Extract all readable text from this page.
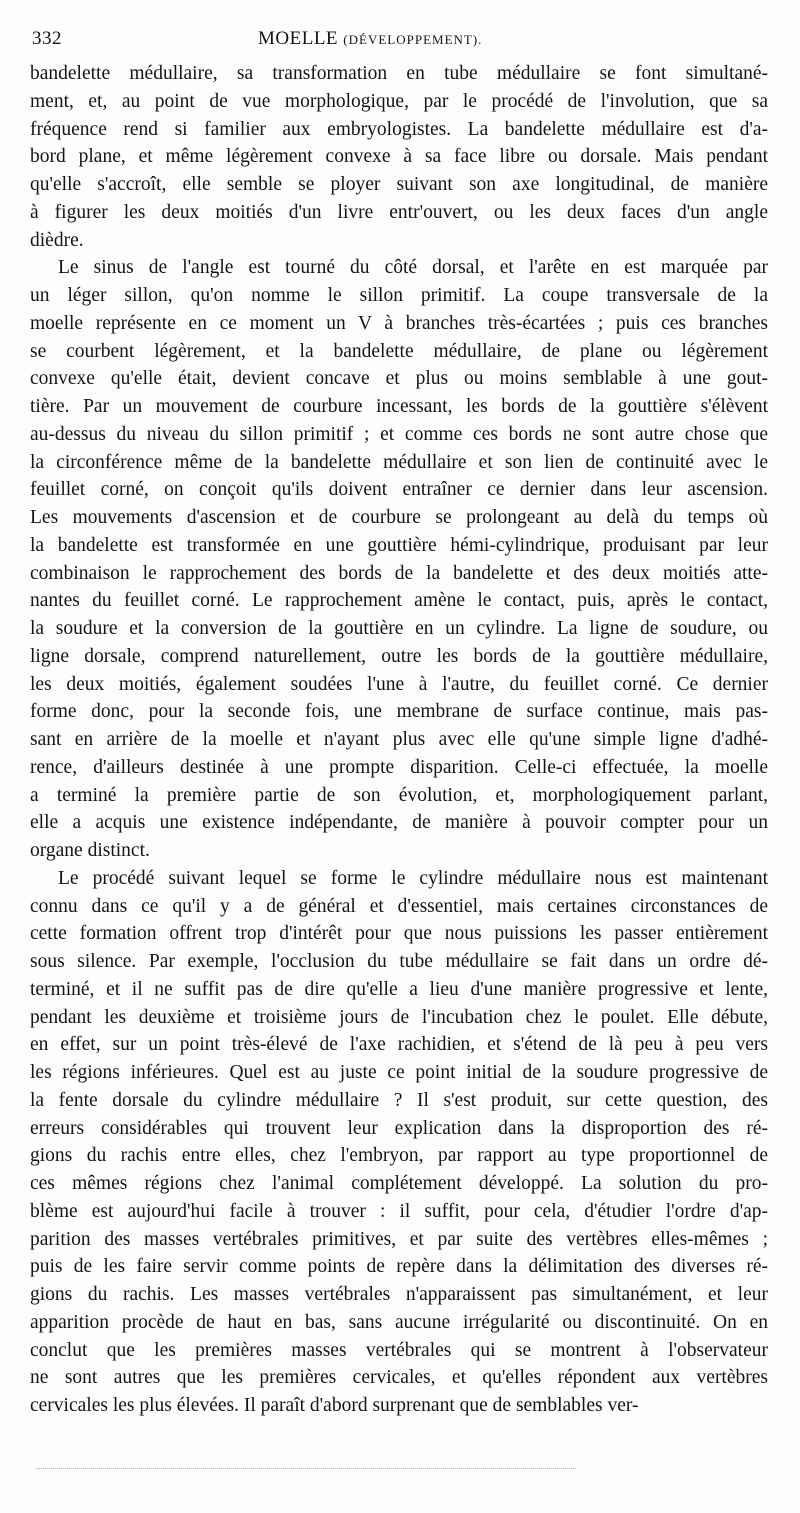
332	MOELLE (DÉVELOPPEMENT).
bandelette médullaire, sa transformation en tube médullaire se font simultané-
ment, et, au point de vue morphologique, par le procédé de l'involution, que sa
fréquence rend si familier aux embryologistes. La bandelette médullaire est d'a-
bord plane, et même légèrement convexe à sa face libre ou dorsale. Mais pendant
qu'elle s'accroît, elle semble se ployer suivant son axe longitudinal, de manière
à figurer les deux moitiés d'un livre entr'ouvert, ou les deux faces d'un angle
dièdre.
Le sinus de l'angle est tourné du côté dorsal, et l'arête en est marquée par
un léger sillon, qu'on nomme le sillon primitif. La coupe transversale de la
moelle représente en ce moment un V à branches très-écartées ; puis ces branches
se courbent légèrement, et la bandelette médullaire, de plane ou légèrement
convexe qu'elle était, devient concave et plus ou moins semblable à une gout-
tière. Par un mouvement de courbure incessant, les bords de la gouttière s'élèvent
au-dessus du niveau du sillon primitif ; et comme ces bords ne sont autre chose que
la circonférence même de la bandelette médullaire et son lien de continuité avec le
feuillet corné, on conçoit qu'ils doivent entraîner ce dernier dans leur ascension.
Les mouvements d'ascension et de courbure se prolongeant au delà du temps où
la bandelette est transformée en une gouttière hémi-cylindrique, produisant par leur
combinaison le rapprochement des bords de la bandelette et des deux moitiés atte-
nantes du feuillet corné. Le rapprochement amène le contact, puis, après le contact,
la soudure et la conversion de la gouttière en un cylindre. La ligne de soudure, ou
ligne dorsale, comprend naturellement, outre les bords de la gouttière médullaire,
les deux moitiés, également soudées l'une à l'autre, du feuillet corné. Ce dernier
forme donc, pour la seconde fois, une membrane de surface continue, mais pas-
sant en arrière de la moelle et n'ayant plus avec elle qu'une simple ligne d'adhé-
rence, d'ailleurs destinée à une prompte disparition. Celle-ci effectuée, la moelle
a terminé la première partie de son évolution, et, morphologiquement parlant,
elle a acquis une existence indépendante, de manière à pouvoir compter pour un
organe distinct.
Le procédé suivant lequel se forme le cylindre médullaire nous est maintenant
connu dans ce qu'il y a de général et d'essentiel, mais certaines circonstances de
cette formation offrent trop d'intérêt pour que nous puissions les passer entièrement
sous silence. Par exemple, l'occlusion du tube médullaire se fait dans un ordre dé-
terminé, et il ne suffit pas de dire qu'elle a lieu d'une manière progressive et lente,
pendant les deuxième et troisième jours de l'incubation chez le poulet. Elle débute,
en effet, sur un point très-élevé de l'axe rachidien, et s'étend de là peu à peu vers
les régions inférieures. Quel est au juste ce point initial de la soudure progressive de
la fente dorsale du cylindre médullaire ? Il s'est produit, sur cette question, des
erreurs considérables qui trouvent leur explication dans la disproportion des ré-
gions du rachis entre elles, chez l'embryon, par rapport au type proportionnel de
ces mêmes régions chez l'animal complétement développé. La solution du pro-
blème est aujourd'hui facile à trouver : il suffit, pour cela, d'étudier l'ordre d'ap-
parition des masses vertébrales primitives, et par suite des vertèbres elles-mêmes ;
puis de les faire servir comme points de repère dans la délimitation des diverses ré-
gions du rachis. Les masses vertébrales n'apparaissent pas simultanément, et leur
apparition procède de haut en bas, sans aucune irrégularité ou discontinuité. On en
conclut que les premières masses vertébrales qui se montrent à l'observateur
ne sont autres que les premières cervicales, et qu'elles répondent aux vertèbres
cervicales les plus élevées. Il paraît d'abord surprenant que de semblables ver-
